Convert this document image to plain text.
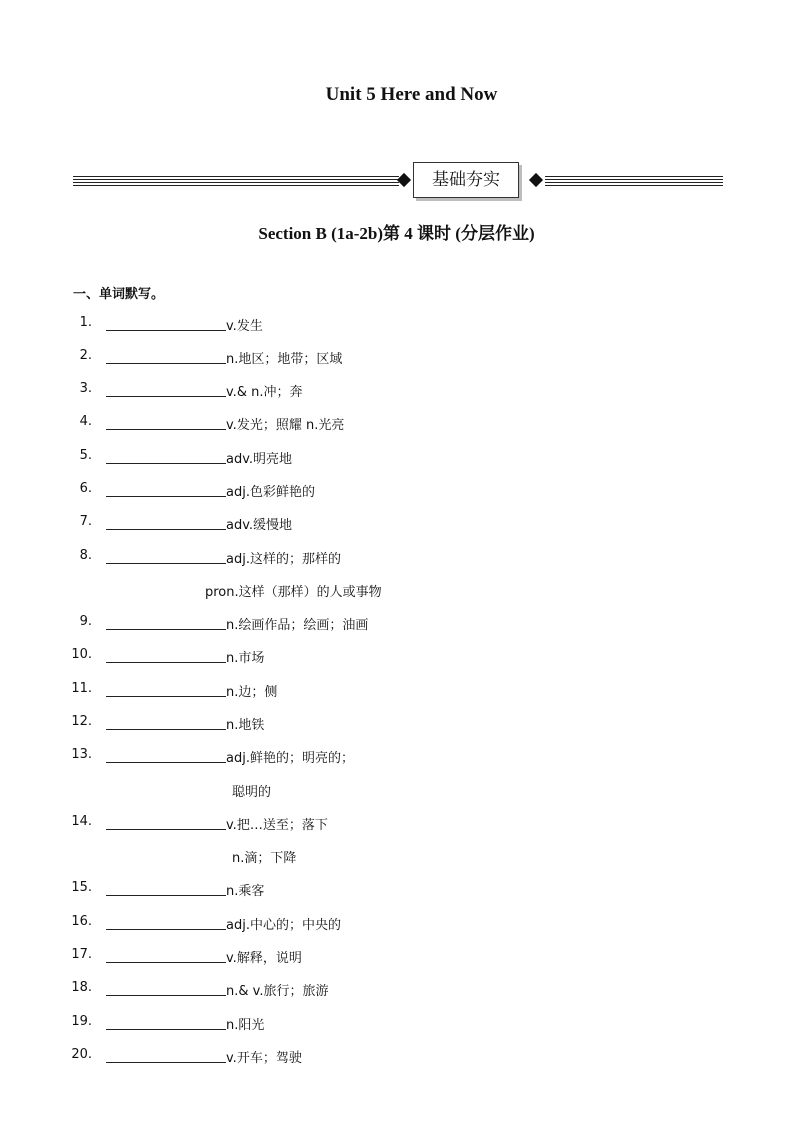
Unit 5 Here and Now
基础夯实
Section B (1a-2b)第 4 课时 (分层作业)
一、单词默写。
1.	v.发生
2.	n.地区；地带；区域
3.	v.& n.冲；奔
4.	v.发光；照耀 n.光亮
5.	adv.明亮地
6.	adj.色彩鲜艳的
7.	adv.缓慢地
8.	adj.这样的；那样的
pron.这样（那样）的人或事物
9.	n.绘画作品；绘画；油画
10.	n.市场
11.	n.边；侧
12.	n.地铁
13.	adj.鲜艳的；明亮的；
聪明的
14.	v.把…送至；落下
n.滴；下降
15.	n.乘客
16.	adj.中心的；中央的
17.	v.解释，说明
18.	n.& v.旅行；旅游
19.	n.阳光
20.	v.开车；驾驶
